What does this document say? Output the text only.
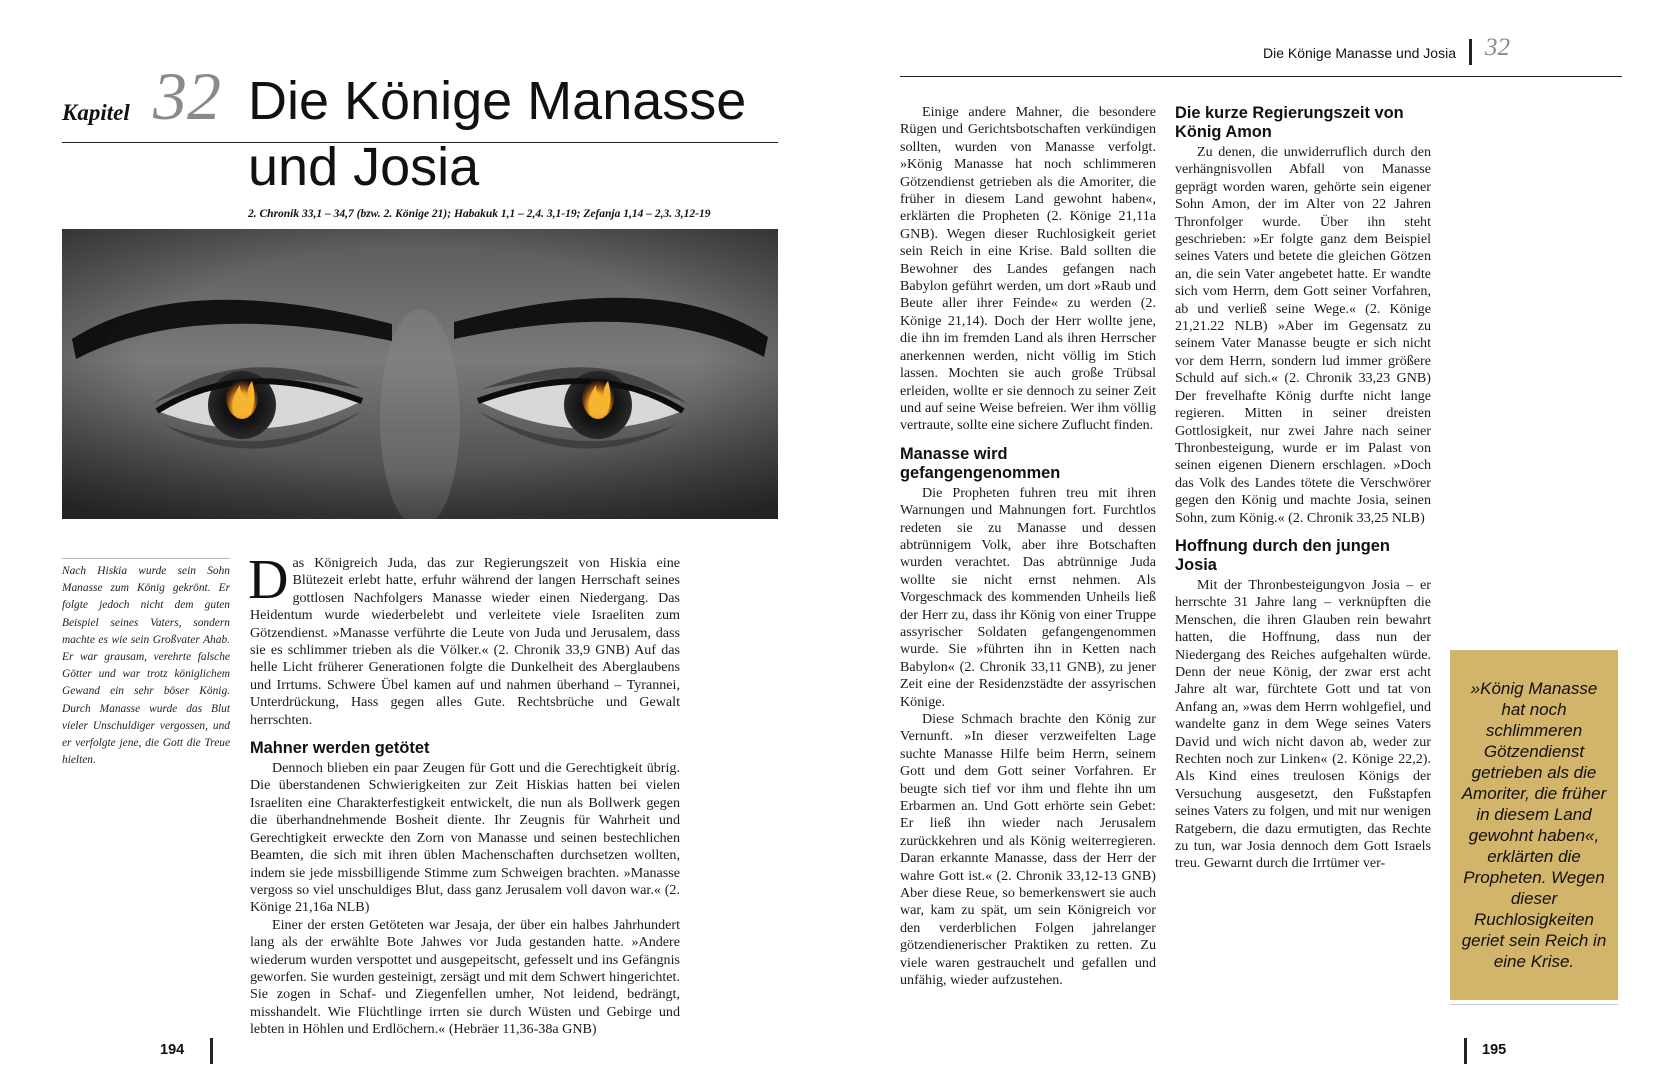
Die Könige Manasse und Josia 32
Kapitel 32 Die Könige Manasse
und Josia
2. Chronik 33,1 – 34,7 (bzw. 2. Könige 21); Habakuk 1,1 – 2,4. 3,1-19; Zefanja 1,14 – 2,3. 3,12-19
Nach Hiskia wurde sein Sohn Manasse zum König gekrönt. Er folgte jedoch nicht dem guten Beispiel seines Vaters, sondern machte es wie sein Großvater Ahab. Er war grausam, verehrte falsche Götter und war trotz königlichem Gewand ein sehr böser König. Durch Manasse wurde das Blut vieler Unschuldiger vergossen, und er verfolgte jene, die Gott die Treue hielten.

Das Königreich Juda, das zur Regierungszeit von Hiskia eine Blütezeit erlebt hatte, erfuhr während der langen Herrschaft seines gottlosen Nachfolgers Manasse wieder einen Niedergang. Das Heidentum wurde wiederbelebt und verleitete viele Israeliten zum Götzendienst. »Manasse verführte die Leute von Juda und Jerusalem, dass sie es schlimmer trieben als die Völker.« (2. Chronik 33,9 GNB) Auf das helle Licht früherer Generationen folgte die Dunkelheit des Aberglaubens und Irrtums. Schwere Übel kamen auf und nahmen überhand – Tyrannei, Unterdrückung, Hass gegen alles Gute. Rechtsbrüche und Gewalt herrschten.

Mahner werden getötet

Dennoch blieben ein paar Zeugen für Gott und die Gerechtigkeit übrig. Die überstandenen Schwierigkeiten zur Zeit Hiskias hatten bei vielen Israeliten eine Charakterfestigkeit entwickelt, die nun als Bollwerk gegen die überhandnehmende Bosheit diente. Ihr Zeugnis für Wahrheit und Gerechtigkeit erweckte den Zorn von Manasse und seinen bestechlichen Beamten, die sich mit ihren üblen Machenschaften durchsetzen wollten, indem sie jede missbilligende Stimme zum Schweigen brachten. »Manasse vergoss so viel unschuldiges Blut, dass ganz Jerusalem voll davon war.« (2. Könige 21,16a NLB)

Einer der ersten Getöteten war Jesaja, der über ein halbes Jahrhundert lang als der erwählte Bote Jahwes vor Juda gestanden hatte. »Andere wiederum wurden verspottet und ausgepeitscht, gefesselt und ins Gefängnis geworfen. Sie wurden gesteinigt, zersägt und mit dem Schwert hingerichtet. Sie zogen in Schaf- und Ziegenfellen umher, Not leidend, bedrängt, misshandelt. Wie Flüchtlinge irrten sie durch Wüsten und Gebirge und lebten in Höhlen und Erdlöchern.« (Hebräer 11,36-38a GNB)

Einige andere Mahner, die besondere Rügen und Gerichtsbotschaften verkündigen sollten, wurden von Manasse verfolgt. »König Manasse hat noch schlimmeren Götzendienst getrieben als die Amoriter, die früher in diesem Land gewohnt haben«, erklärten die Propheten (2. Könige 21,11a GNB). Wegen dieser Ruchlosigkeit geriet sein Reich in eine Krise. Bald sollten die Bewohner des Landes gefangen nach Babylon geführt werden, um dort »Raub und Beute aller ihrer Feinde« zu werden (2. Könige 21,14). Doch der Herr wollte jene, die ihn im fremden Land als ihren Herrscher anerkennen werden, nicht völlig im Stich lassen. Mochten sie auch große Trübsal erleiden, wollte er sie dennoch zu seiner Zeit und auf seine Weise befreien. Wer ihm völlig vertraute, sollte eine sichere Zuflucht finden.

Manasse wird gefangengenommen

Die Propheten fuhren treu mit ihren Warnungen und Mahnungen fort. Furchtlos redeten sie zu Manasse und dessen abtrünnigem Volk, aber ihre Botschaften wurden verachtet. Das abtrünnige Juda wollte sie nicht ernst nehmen. Als Vorgeschmack des kommenden Unheils ließ der Herr zu, dass ihr König von einer Truppe assyrischer Soldaten gefangengenommen wurde. Sie »führten ihn in Ketten nach Babylon« (2. Chronik 33,11 GNB), zu jener Zeit eine der Residenzstädte der assyrischen Könige.

Diese Schmach brachte den König zur Vernunft. »In dieser verzweifelten Lage suchte Manasse Hilfe beim Herrn, seinem Gott und dem Gott seiner Vorfahren. Er beugte sich tief vor ihm und flehte ihn um Erbarmen an. Und Gott erhörte sein Gebet: Er ließ ihn wieder nach Jerusalem zurückkehren und als König weiterregieren. Daran erkannte Manasse, dass der Herr der wahre Gott ist.« (2. Chronik 33,12-13 GNB) Aber diese Reue, so bemerkenswert sie auch war, kam zu spät, um sein Königreich vor den verderblichen Folgen jahrelanger götzendienerischer Praktiken zu retten. Zu viele waren gestrauchelt und gefallen und unfähig, wieder aufzustehen.

Die kurze Regierungszeit von König Amon

Zu denen, die unwiderruflich durch den verhängnisvollen Abfall von Manasse geprägt worden waren, gehörte sein eigener Sohn Amon, der im Alter von 22 Jahren Thronfolger wurde. Über ihn steht geschrieben: »Er folgte ganz dem Beispiel seines Vaters und betete die gleichen Götzen an, die sein Vater angebetet hatte. Er wandte sich vom Herrn, dem Gott seiner Vorfahren, ab und verließ seine Wege.« (2. Könige 21,21.22 NLB) »Aber im Gegensatz zu seinem Vater Manasse beugte er sich nicht vor dem Herrn, sondern lud immer größere Schuld auf sich.« (2. Chronik 33,23 GNB) Der frevelhafte König durfte nicht lange regieren. Mitten in seiner dreisten Gottlosigkeit, nur zwei Jahre nach seiner Thronbesteigung, wurde er im Palast von seinen eigenen Dienern erschlagen. »Doch das Volk des Landes tötete die Verschwörer gegen den König und machte Josia, seinen Sohn, zum König.« (2. Chronik 33,25 NLB)

Hoffnung durch den jungen Josia

Mit der Thronbesteigungvon Josia – er herrschte 31 Jahre lang – verknüpften die Menschen, die ihren Glauben rein bewahrt hatten, die Hoffnung, dass nun der Niedergang des Reiches aufgehalten würde. Denn der neue König, der zwar erst acht Jahre alt war, fürchtete Gott und tat von Anfang an, »was dem Herrn wohlgefiel, und wandelte ganz in dem Wege seines Vaters David und wich nicht davon ab, weder zur Rechten noch zur Linken« (2. Könige 22,2). Als Kind eines treulosen Königs der Versuchung ausgesetzt, den Fußstapfen seines Vaters zu folgen, und mit nur wenigen Ratgebern, die dazu ermutigten, das Rechte zu tun, war Josia dennoch dem Gott Israels treu. Gewarnt durch die Irrtümer ver-

»König Manasse hat noch schlimmeren Götzendienst getrieben als die Amoriter, die früher in diesem Land gewohnt haben«, erklärten die Propheten. Wegen dieser Ruchlosigkeiten geriet sein Reich in eine Krise.
194	195
